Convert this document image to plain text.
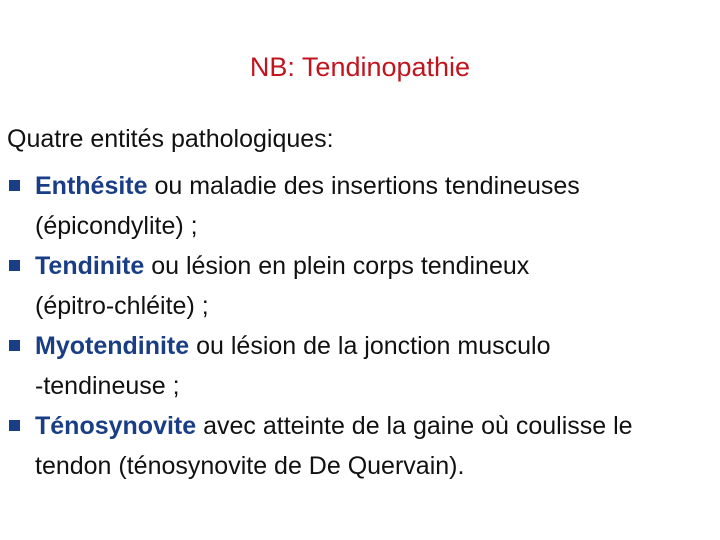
NB: Tendinopathie
Quatre entités pathologiques:
Enthésite ou maladie des insertions tendineuses
(épicondylite) ;
Tendinite ou lésion en plein corps tendineux
(épitro-chléite) ;
Myotendinite ou lésion de la jonction musculo
-tendineuse ;
Ténosynovite avec atteinte de la gaine où coulisse le
tendon (ténosynovite de De Quervain).
